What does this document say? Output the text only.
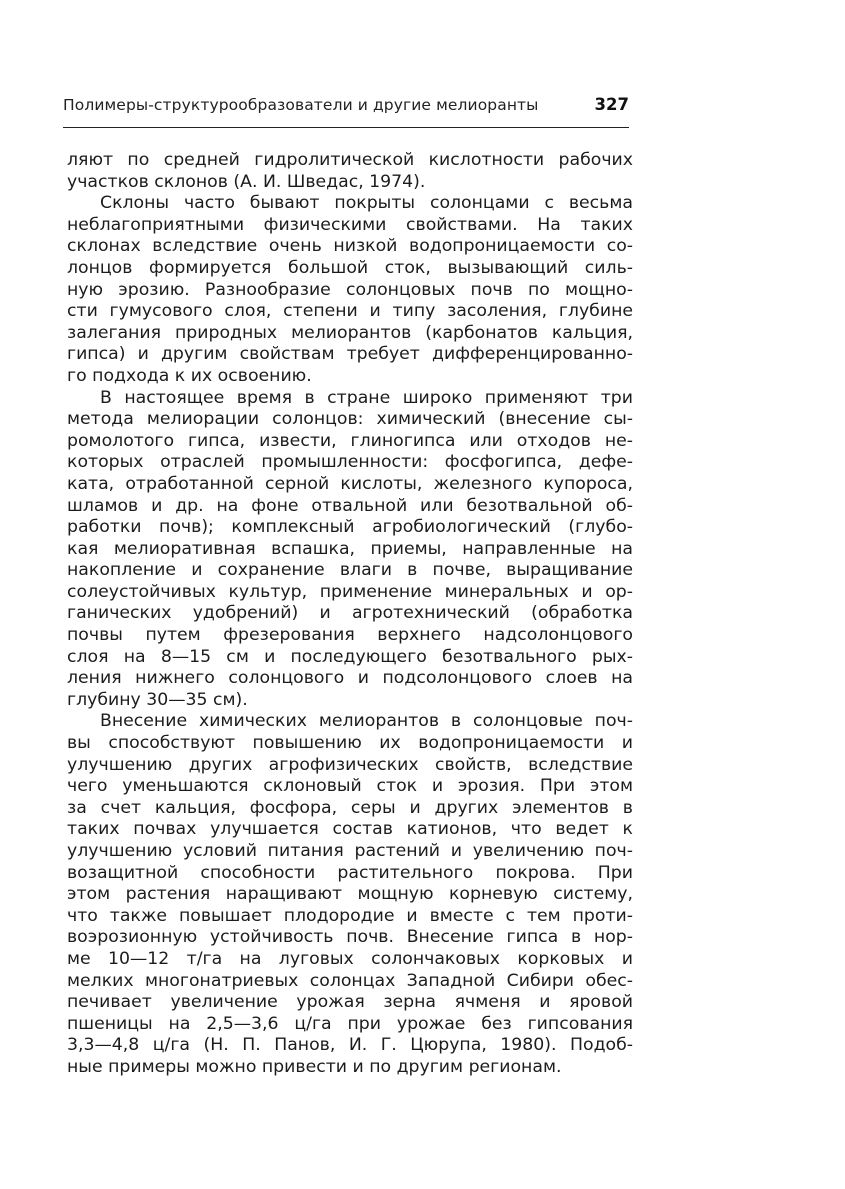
Полимеры-структурообразователи и другие мелиоранты	327
ляют по средней гидролитической кислотности рабочих
участков склонов (А. И. Шведас, 1974).
Склоны часто бывают покрыты солонцами с весьма
неблагоприятными физическими свойствами. На таких
склонах вследствие очень низкой водопроницаемости со-
лонцов формируется большой сток, вызывающий силь-
ную эрозию. Разнообразие солонцовых почв по мощно-
сти гумусового слоя, степени и типу засоления, глубине
залегания природных мелиорантов (карбонатов кальция,
гипса) и другим свойствам требует дифференцированно-
го подхода к их освоению.
В настоящее время в стране широко применяют три
метода мелиорации солонцов: химический (внесение сы-
ромолотого гипса, извести, глиногипса или отходов не-
которых отраслей промышленности: фосфогипса, дефе-
ката, отработанной серной кислоты, железного купороса,
шламов и др. на фоне отвальной или безотвальной об-
работки почв); комплексный агробиологический (глубо-
кая мелиоративная вспашка, приемы, направленные на
накопление и сохранение влаги в почве, выращивание
солеустойчивых культур, применение минеральных и ор-
ганических удобрений) и агротехнический (обработка
почвы путем фрезерования верхнего надсолонцового
слоя на 8—15 см и последующего безотвального рых-
ления нижнего солонцового и подсолонцового слоев на
глубину 30—35 см).
Внесение химических мелиорантов в солонцовые поч-
вы способствуют повышению их водопроницаемости и
улучшению других агрофизических свойств, вследствие
чего уменьшаются склоновый сток и эрозия. При этом
за счет кальция, фосфора, серы и других элементов в
таких почвах улучшается состав катионов, что ведет к
улучшению условий питания растений и увеличению поч-
возащитной способности растительного покрова. При
этом растения наращивают мощную корневую систему,
что также повышает плодородие и вместе с тем проти-
воэрозионную устойчивость почв. Внесение гипса в нор-
ме 10—12 т/га на луговых солончаковых корковых и
мелких многонатриевых солонцах Западной Сибири обес-
печивает увеличение урожая зерна ячменя и яровой
пшеницы на 2,5—3,6 ц/га при урожае без гипсования
3,3—4,8 ц/га (Н. П. Панов, И. Г. Цюрупа, 1980). Подоб-
ные примеры можно привести и по другим регионам.
